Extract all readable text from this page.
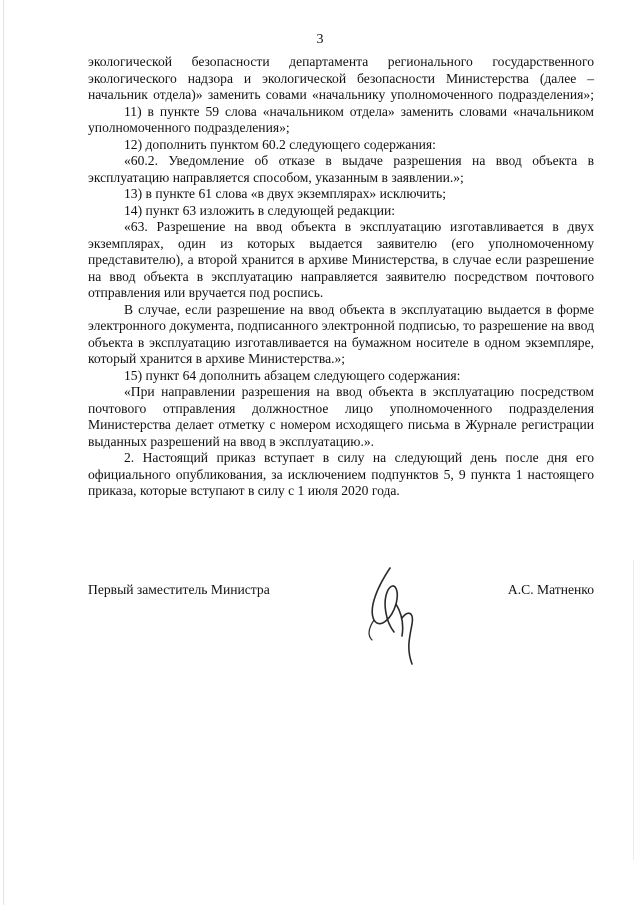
3

экологической безопасности департамента регионального государственного экологического надзора и экологической безопасности Министерства (далее – начальник отдела)» заменить совами «начальнику уполномоченного подразделения»;

11) в пункте 59 слова «начальником отдела» заменить словами «начальником уполномоченного подразделения»;

12) дополнить пунктом 60.2 следующего содержания:

«60.2. Уведомление об отказе в выдаче разрешения на ввод объекта в эксплуатацию направляется способом, указанным в заявлении.»;

13) в пункте 61 слова «в двух экземплярах» исключить;

14) пункт 63 изложить в следующей редакции:

«63. Разрешение на ввод объекта в эксплуатацию изготавливается в двух экземплярах, один из которых выдается заявителю (его уполномоченному представителю), а второй хранится в архиве Министерства, в случае если разрешение на ввод объекта в эксплуатацию направляется заявителю посредством почтового отправления или вручается под роспись.

В случае, если разрешение на ввод объекта в эксплуатацию выдается в форме электронного документа, подписанного электронной подписью, то разрешение на ввод объекта в эксплуатацию изготавливается на бумажном носителе в одном экземпляре, который хранится в архиве Министерства.»;

15) пункт 64 дополнить абзацем следующего содержания:

«При направлении разрешения на ввод объекта в эксплуатацию посредством почтового отправления должностное лицо уполномоченного подразделения Министерства делает отметку с номером исходящего письма в Журнале регистрации выданных разрешений на ввод в эксплуатацию.».

2. Настоящий приказ вступает в силу на следующий день после дня его официального опубликования, за исключением подпунктов 5, 9 пункта 1 настоящего приказа, которые вступают в силу с 1 июля 2020 года.

Первый заместитель Министра	А.С. Матненко
